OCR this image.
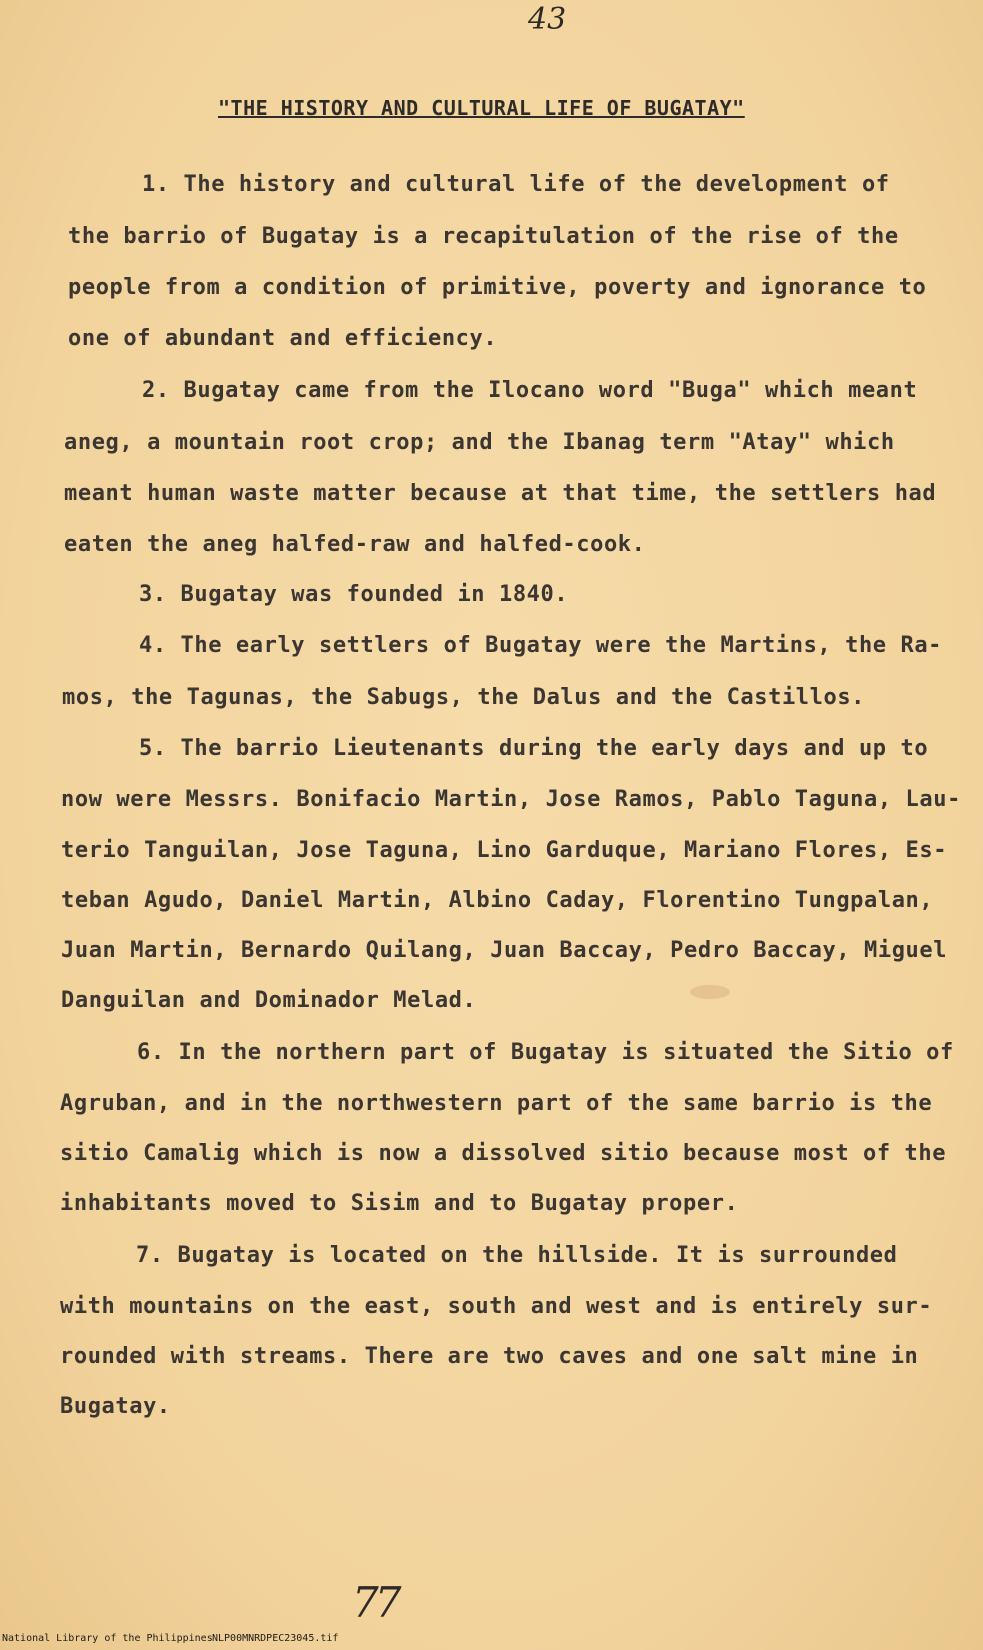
43
"THE HISTORY AND CULTURAL LIFE OF BUGATAY"
1. The history and cultural life of the development of
the barrio of Bugatay is a recapitulation of the rise of the
people from a condition of primitive, poverty and ignorance to
one of abundant and efficiency.
2. Bugatay came from the Ilocano word "Buga" which meant
aneg, a mountain root crop; and the Ibanag term "Atay" which
meant human waste matter because at that time, the settlers had
eaten the aneg halfed-raw and halfed-cook.
3. Bugatay was founded in 1840.
4. The early settlers of Bugatay were the Martins, the Ra-
mos, the Tagunas, the Sabugs, the Dalus and the Castillos.
5. The barrio Lieutenants during the early days and up to
now were Messrs. Bonifacio Martin, Jose Ramos, Pablo Taguna, Lau-
terio Tanguilan, Jose Taguna, Lino Garduque, Mariano Flores, Es-
teban Agudo, Daniel Martin, Albino Caday, Florentino Tungpalan,
Juan Martin, Bernardo Quilang, Juan Baccay, Pedro Baccay, Miguel
Danguilan and Dominador Melad.
6. In the northern part of Bugatay is situated the Sitio of
Agruban, and in the northwestern part of the same barrio is the
sitio Camalig which is now a dissolved sitio because most of the
inhabitants moved to Sisim and to Bugatay proper.
7. Bugatay is located on the hillside. It is surrounded
with mountains on the east, south and west and is entirely sur-
rounded with streams. There are two caves and one salt mine in
Bugatay.
77
National Library of the Philippines NLP00MNRDPEC23045.tif
